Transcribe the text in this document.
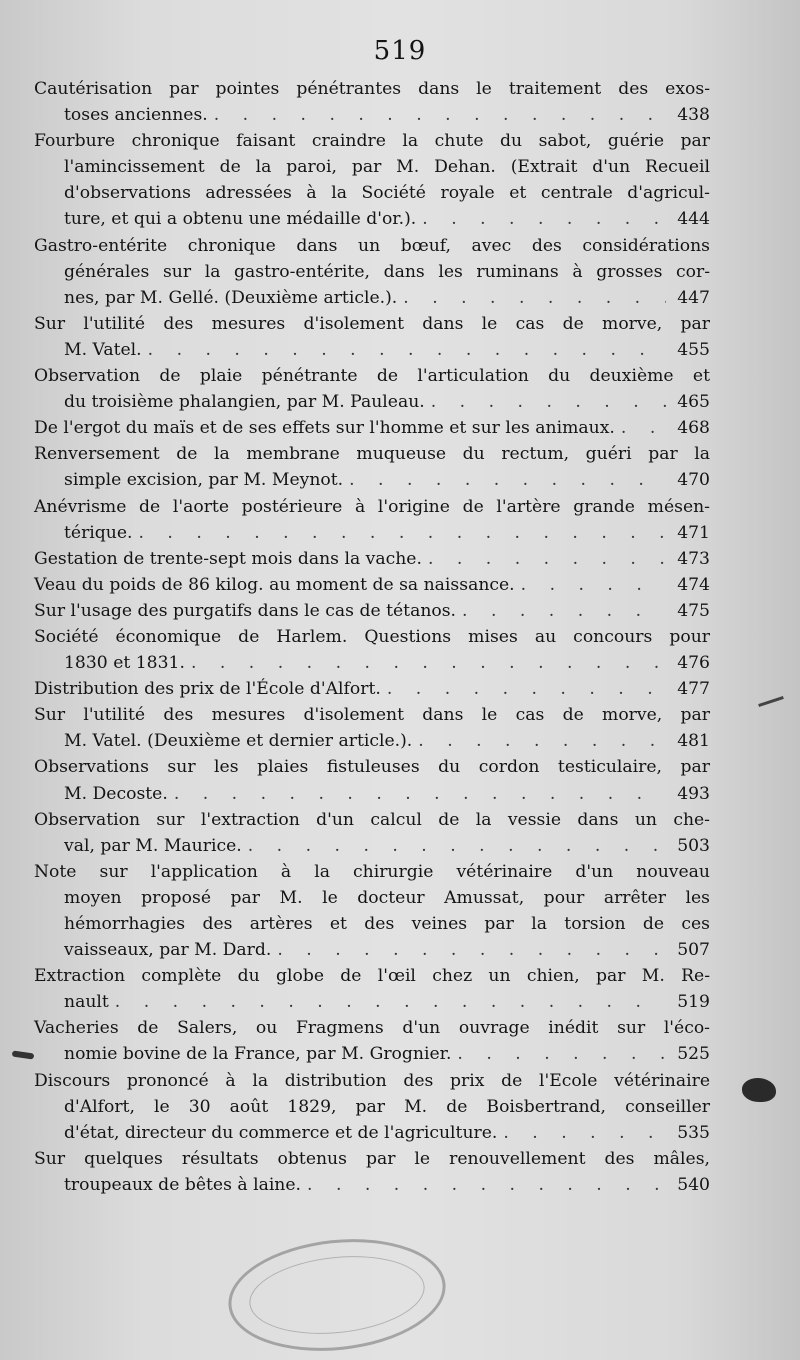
519
Cautérisation par pointes pénétrantes dans le traitement des exos-
toses anciennes. . . .	438
Fourbure chronique faisant craindre la chute du sabot, guérie par
l'amincissement de la paroi, par M. Dehan. (Extrait d'un Recueil
d'observations adressées à la Société royale et centrale d'agricul-
ture, et qui a obtenu une médaille d'or.). . . .	444
Gastro-entérite chronique dans un bœuf, avec des considérations
générales sur la gastro-entérite, dans les ruminans à grosses cor-
nes, par M. Gellé. (Deuxième article.). . . .	447
Sur l'utilité des mesures d'isolement dans le cas de morve, par
M. Vatel. . . .	455
Observation de plaie pénétrante de l'articulation du deuxième et
du troisième phalangien, par M. Pauleau. . . .	465
De l'ergot du maïs et de ses effets sur l'homme et sur les animaux. . . .	468
Renversement de la membrane muqueuse du rectum, guéri par la
simple excision, par M. Meynot. . . .	470
Anévrisme de l'aorte postérieure à l'origine de l'artère grande mésen-
térique. . . .	471
Gestation de trente-sept mois dans la vache. . . .	473
Veau du poids de 86 kilog. au moment de sa naissance. . . .	474
Sur l'usage des purgatifs dans le cas de tétanos. . . .	475
Société économique de Harlem. Questions mises au concours pour
1830 et 1831. . . .	476
Distribution des prix de l'École d'Alfort. . . .	477
Sur l'utilité des mesures d'isolement dans le cas de morve, par
M. Vatel. (Deuxième et dernier article.). . . .	481
Observations sur les plaies fistuleuses du cordon testiculaire, par
M. Decoste. . . .	493
Observation sur l'extraction d'un calcul de la vessie dans un che-
val, par M. Maurice. . . .	503
Note sur l'application à la chirurgie vétérinaire d'un nouveau
moyen proposé par M. le docteur Amussat, pour arrêter les
hémorrhagies des artères et des veines par la torsion de ces
vaisseaux, par M. Dard. . . .	507
Extraction complète du globe de l'œil chez un chien, par M. Re-
nault . . .	519
Vacheries de Salers, ou Fragmens d'un ouvrage inédit sur l'éco-
nomie bovine de la France, par M. Grognier. . . .	525
Discours prononcé à la distribution des prix de l'Ecole vétérinaire
d'Alfort, le 30 août 1829, par M. de Boisbertrand, conseiller
d'état, directeur du commerce et de l'agriculture. . . .	535
Sur quelques résultats obtenus par le renouvellement des mâles,
troupeaux de bêtes à laine. . . .	540
